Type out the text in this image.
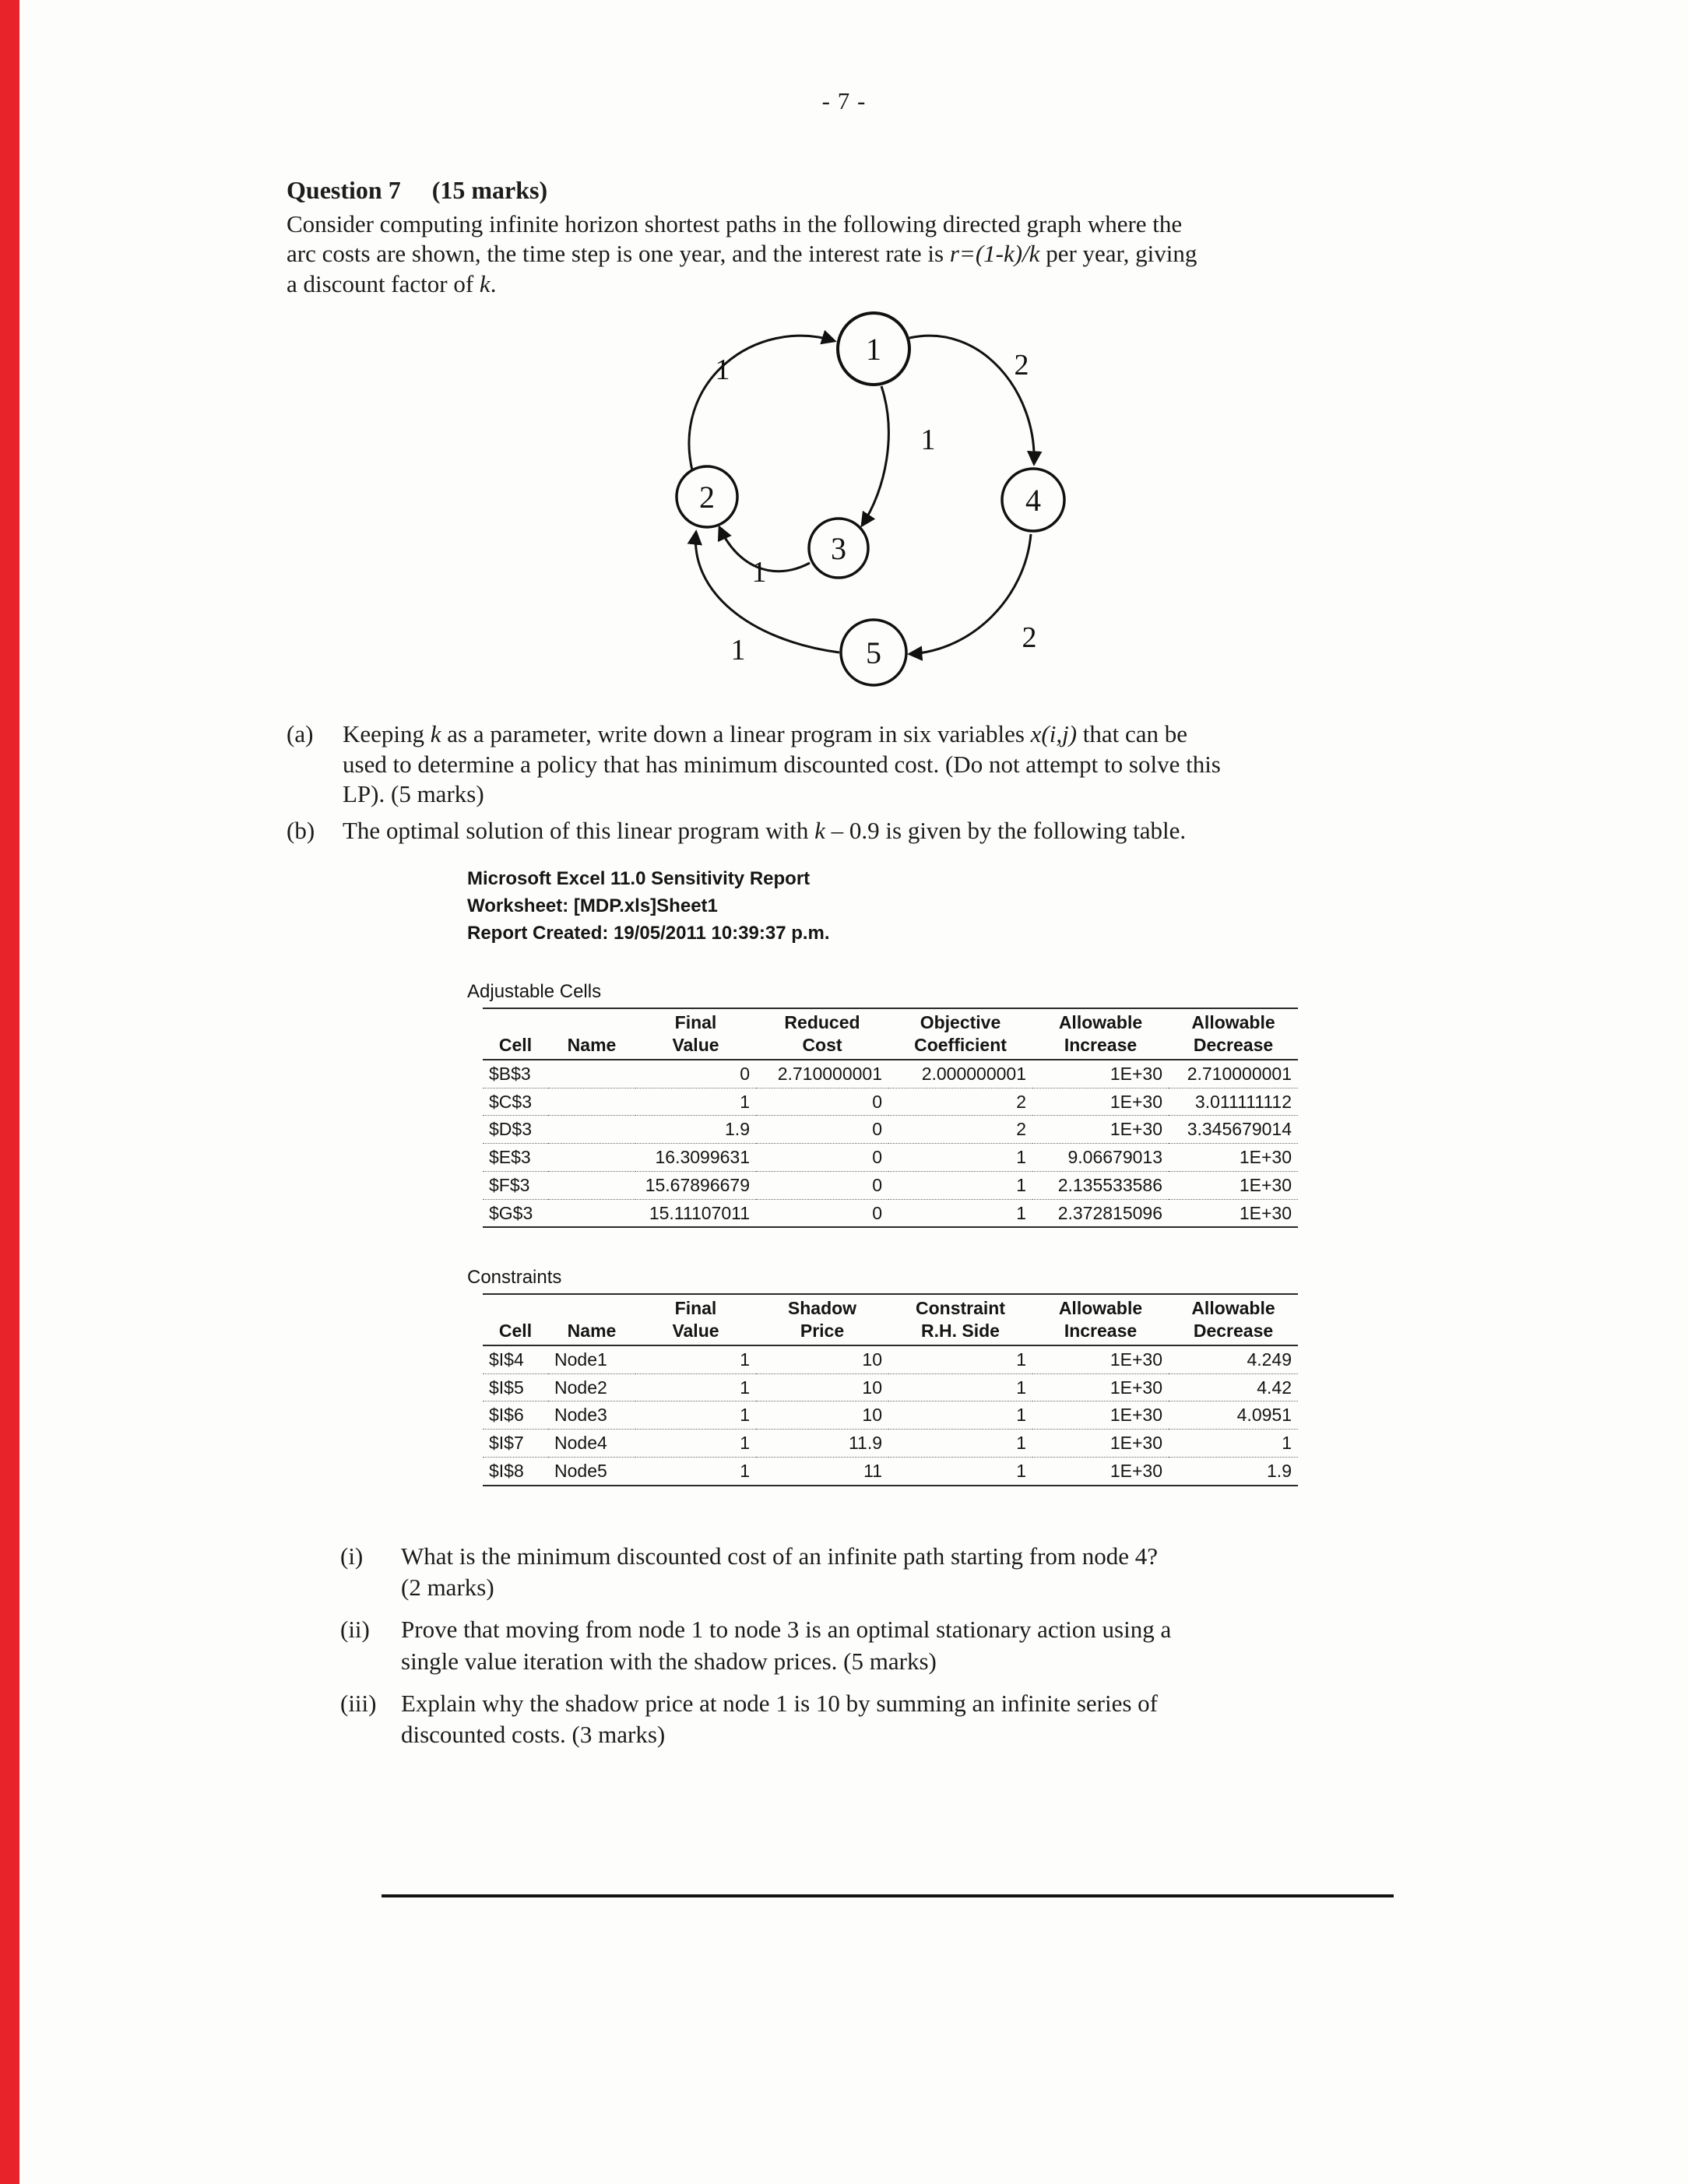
- 7 -
Question 7 (15 marks)

Consider computing infinite horizon shortest paths in the following directed graph where the
arc costs are shown, the time step is one year, and the interest rate is r=(1-k)/k per year, giving
a discount factor of k.

1
2
3
4
5
1	2
1
1
2
1
(a)	Keeping k as a parameter, write down a linear program in six variables x(i,j) that can be
used to determine a policy that has minimum discounted cost. (Do not attempt to solve this
LP). (5 marks)
(b)	The optimal solution of this linear program with k – 0.9 is given by the following table.
Microsoft Excel 11.0 Sensitivity Report
Worksheet: [MDP.xls]Sheet1
Report Created: 19/05/2011 10:39:37 p.m.
Adjustable Cells
		Final	Reduced	Objective	Allowable	Allowable
Cell	Name	Value	Cost	Coefficient	Increase	Decrease
$B$3		0	2.710000001	2.000000001	1E+30	2.710000001
$C$3		1	0	2	1E+30	3.011111112
$D$3		1.9	0	2	1E+30	3.345679014
$E$3		16.3099631	0	1	9.06679013	1E+30
$F$3		15.67896679	0	1	2.135533586	1E+30
$G$3		15.11107011	0	1	2.372815096	1E+30
Constraints
		Final	Shadow	Constraint	Allowable	Allowable
Cell	Name	Value	Price	R.H. Side	Increase	Decrease
$I$4	Node1	1	10	1	1E+30	4.249
$I$5	Node2	1	10	1	1E+30	4.42
$I$6	Node3	1	10	1	1E+30	4.0951
$I$7	Node4	1	11.9	1	1E+30	1
$I$8	Node5	1	11	1	1E+30	1.9
(i)	What is the minimum discounted cost of an infinite path starting from node 4?
(2 marks)
(ii)	Prove that moving from node 1 to node 3 is an optimal stationary action using a
single value iteration with the shadow prices. (5 marks)
(iii)	Explain why the shadow price at node 1 is 10 by summing an infinite series of
discounted costs. (3 marks)
